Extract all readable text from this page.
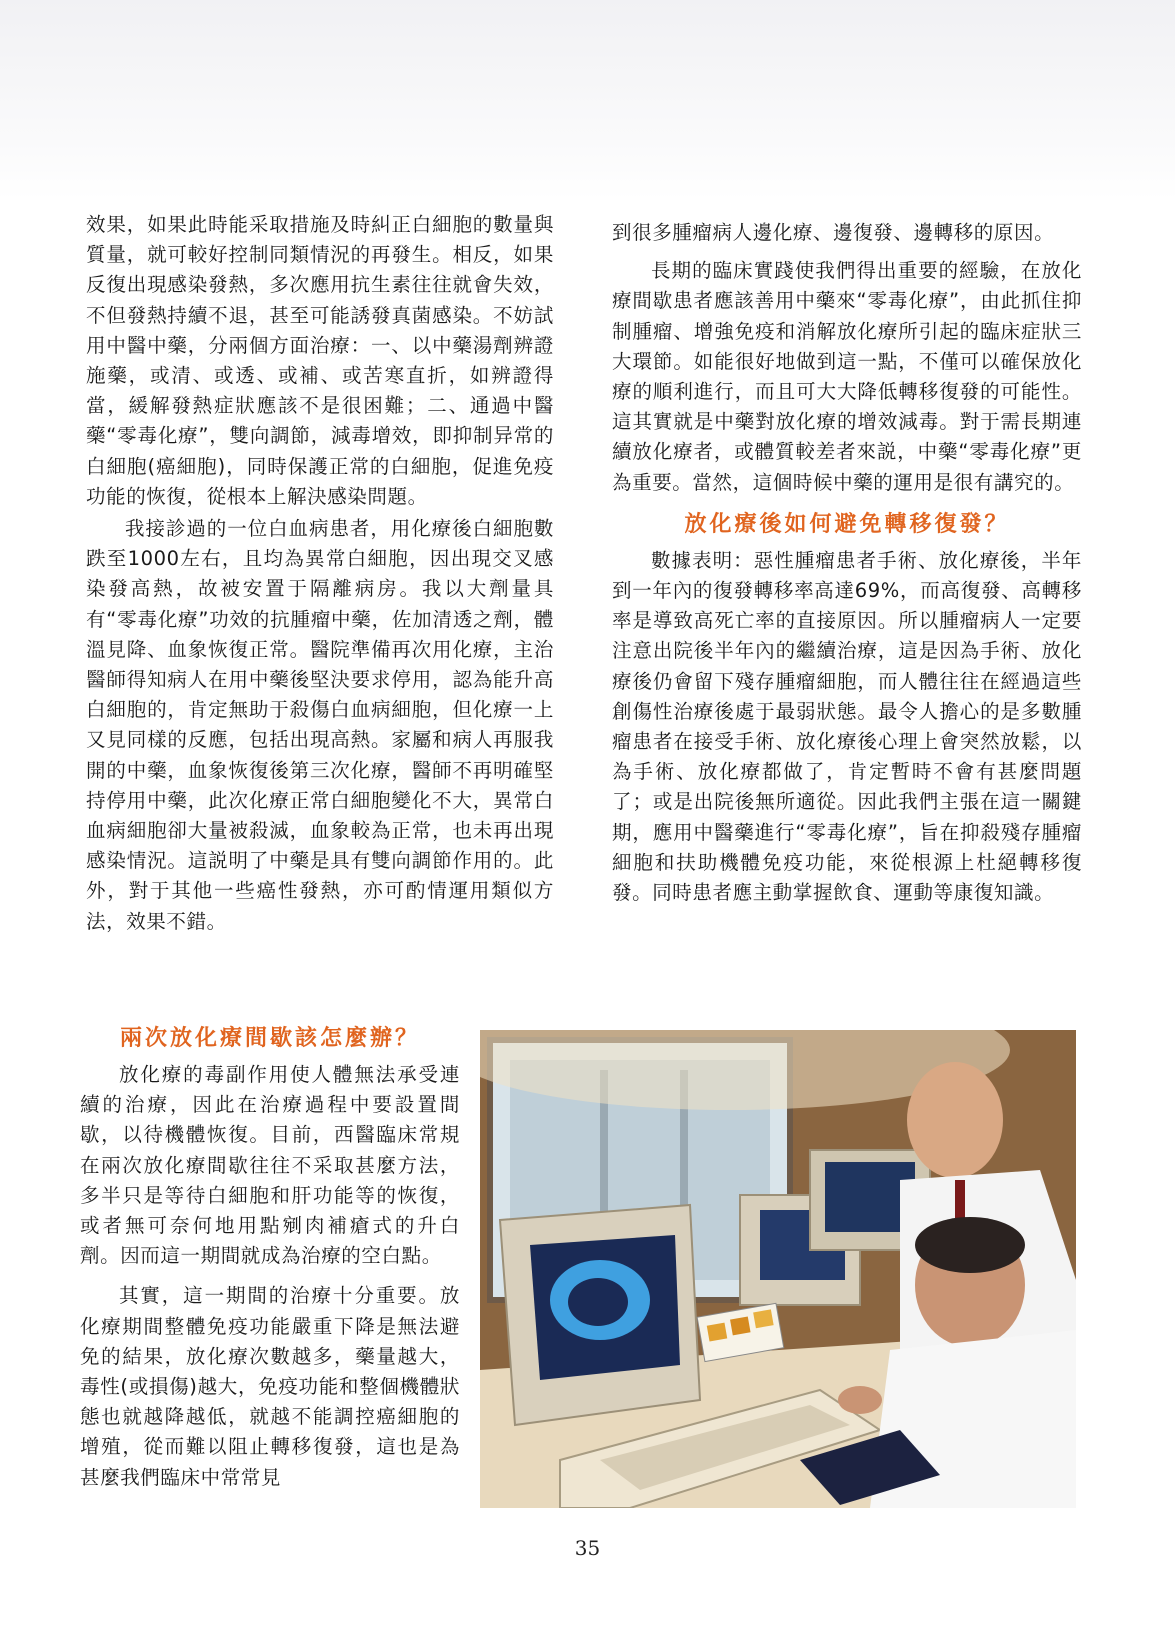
效果，如果此時能采取措施及時糾正白細胞的數量與質量，就可較好控制同類情況的再發生。相反，如果反復出現感染發熱，多次應用抗生素往往就會失效，不但發熱持續不退，甚至可能誘發真菌感染。不妨試用中醫中藥，分兩個方面治療：一、以中藥湯劑辨證施藥，或清、或透、或補、或苦寒直折，如辨證得當，緩解發熱症狀應該不是很困難；二、通過中醫藥“零毒化療”，雙向調節，減毒增效，即抑制异常的白細胞(癌細胞)，同時保護正常的白細胞，促進免疫功能的恢復，從根本上解決感染問題。

我接診過的一位白血病患者，用化療後白細胞數跌至1000左右，且均為異常白細胞，因出現交叉感染發高熱，故被安置于隔離病房。我以大劑量具有“零毒化療”功效的抗腫瘤中藥，佐加清透之劑，體溫見降、血象恢復正常。醫院準備再次用化療，主治醫師得知病人在用中藥後堅決要求停用，認為能升高白細胞的，肯定無助于殺傷白血病細胞，但化療一上又見同樣的反應，包括出現高熱。家屬和病人再服我開的中藥，血象恢復後第三次化療，醫師不再明確堅持停用中藥，此次化療正常白細胞變化不大，異常白血病細胞卻大量被殺滅，血象較為正常，也未再出現感染情況。這説明了中藥是具有雙向調節作用的。此外，對于其他一些癌性發熱，亦可酌情運用類似方法，效果不錯。

兩次放化療間歇該怎麼辦？

放化療的毒副作用使人體無法承受連續的治療，因此在治療過程中要設置間歇，以待機體恢復。目前，西醫臨床常規在兩次放化療間歇往往不采取甚麼方法，多半只是等待白細胞和肝功能等的恢復，或者無可奈何地用點剜肉補瘡式的升白劑。因而這一期間就成為治療的空白點。

其實，這一期間的治療十分重要。放化療期間整體免疫功能嚴重下降是無法避免的結果，放化療次數越多，藥量越大，毒性(或損傷)越大，免疫功能和整個機體狀態也就越降越低，就越不能調控癌細胞的增殖，從而難以阻止轉移復發，這也是為甚麼我們臨床中常常見

到很多腫瘤病人邊化療、邊復發、邊轉移的原因。

長期的臨床實踐使我們得出重要的經驗，在放化療間歇患者應該善用中藥來“零毒化療”，由此抓住抑制腫瘤、增強免疫和消解放化療所引起的臨床症狀三大環節。如能很好地做到這一點，不僅可以確保放化療的順利進行，而且可大大降低轉移復發的可能性。這其實就是中藥對放化療的增效減毒。對于需長期連續放化療者，或體質較差者來説，中藥“零毒化療”更為重要。當然，這個時候中藥的運用是很有講究的。

放化療後如何避免轉移復發？

數據表明：惡性腫瘤患者手術、放化療後，半年到一年內的復發轉移率高達69%，而高復發、高轉移率是導致高死亡率的直接原因。所以腫瘤病人一定要注意出院後半年內的繼續治療，這是因為手術、放化療後仍會留下殘存腫瘤細胞，而人體往往在經過這些創傷性治療後處于最弱狀態。最令人擔心的是多數腫瘤患者在接受手術、放化療後心理上會突然放鬆，以為手術、放化療都做了，肯定暫時不會有甚麼問題了；或是出院後無所適從。因此我們主張在這一關鍵期，應用中醫藥進行“零毒化療”，旨在抑殺殘存腫瘤細胞和扶助機體免疫功能，來從根源上杜絕轉移復發。同時患者應主動掌握飲食、運動等康復知識。

35
